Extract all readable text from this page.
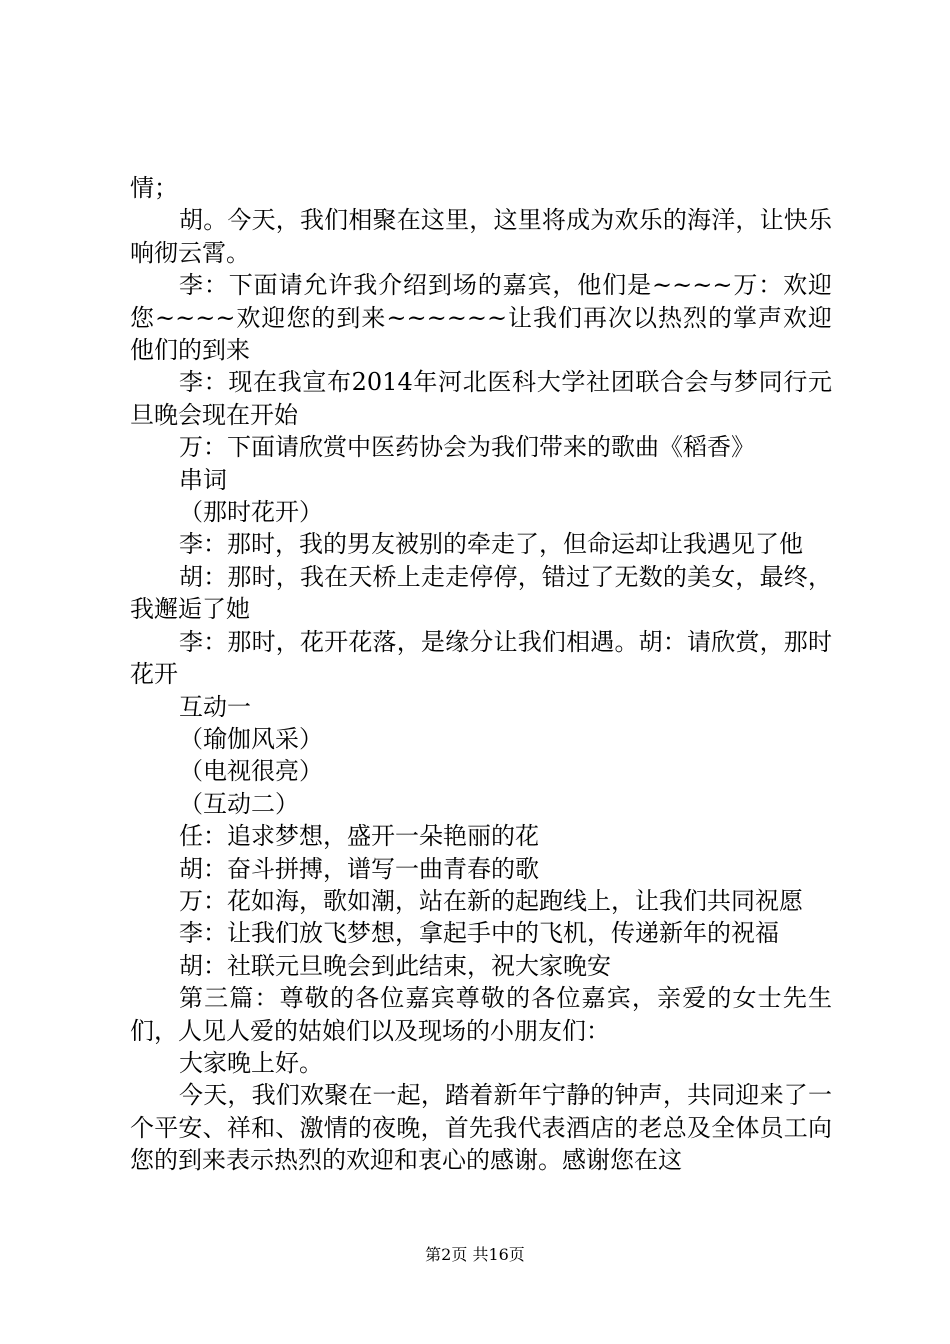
情；

胡。今天，我们相聚在这里，这里将成为欢乐的海洋，让快乐响彻云霄。

李：下面请允许我介绍到场的嘉宾，他们是~~~~万：欢迎您~~~~欢迎您的到来~~~~~~让我们再次以热烈的掌声欢迎他们的到来

李：现在我宣布2014年河北医科大学社团联合会与梦同行元旦晚会现在开始

万：下面请欣赏中医药协会为我们带来的歌曲《稻香》

串词

（那时花开）

李：那时，我的男友被别的牵走了，但命运却让我遇见了他

胡：那时，我在天桥上走走停停，错过了无数的美女，最终，我邂逅了她

李：那时，花开花落，是缘分让我们相遇。胡：请欣赏，那时花开

互动一

（瑜伽风采）

（电视很亮）

（互动二）

任：追求梦想，盛开一朵艳丽的花

胡：奋斗拼搏，谱写一曲青春的歌

万：花如海，歌如潮，站在新的起跑线上，让我们共同祝愿

李：让我们放飞梦想，拿起手中的飞机，传递新年的祝福

胡：社联元旦晚会到此结束，祝大家晚安

第三篇：尊敬的各位嘉宾尊敬的各位嘉宾，亲爱的女士先生们，人见人爱的姑娘们以及现场的小朋友们：

大家晚上好。

今天，我们欢聚在一起，踏着新年宁静的钟声，共同迎来了一个平安、祥和、激情的夜晚，首先我代表酒店的老总及全体员工向您的到来表示热烈的欢迎和衷心的感谢。感谢您在这

第2页 共16页
